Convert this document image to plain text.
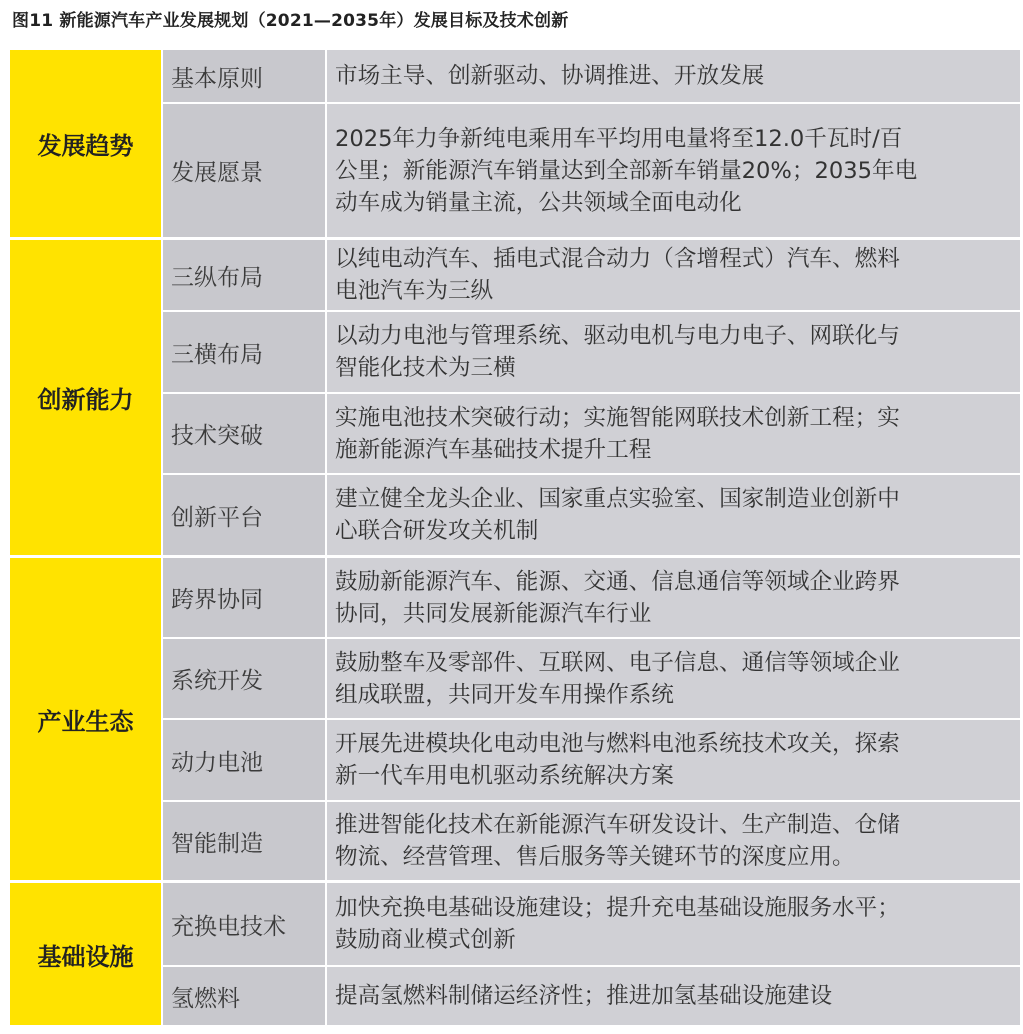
图11 新能源汽车产业发展规划（2021—2035年）发展目标及技术创新
发展趋势
创新能力
产业生态
基础设施
基本原则	市场主导、创新驱动、协调推进、开放发展
发展愿景
2025年力争新纯电乘用车平均用电量将至12.0千瓦时/百
公里；新能源汽车销量达到全部新车销量20%；2035年电
动车成为销量主流，公共领域全面电动化
三纵布局
以纯电动汽车、插电式混合动力（含增程式）汽车、燃料
电池汽车为三纵
三横布局
以动力电池与管理系统、驱动电机与电力电子、网联化与
智能化技术为三横
技术突破
实施电池技术突破行动；实施智能网联技术创新工程；实
施新能源汽车基础技术提升工程
创新平台
建立健全龙头企业、国家重点实验室、国家制造业创新中
心联合研发攻关机制
跨界协同
鼓励新能源汽车、能源、交通、信息通信等领域企业跨界
协同，共同发展新能源汽车行业
系统开发
鼓励整车及零部件、互联网、电子信息、通信等领域企业
组成联盟，共同开发车用操作系统
动力电池
开展先进模块化电动电池与燃料电池系统技术攻关，探索
新一代车用电机驱动系统解决方案
智能制造
推进智能化技术在新能源汽车研发设计、生产制造、仓储
物流、经营管理、售后服务等关键环节的深度应用。
充换电技术
加快充换电基础设施建设；提升充电基础设施服务水平；
鼓励商业模式创新
氢燃料	提高氢燃料制储运经济性；推进加氢基础设施建设
